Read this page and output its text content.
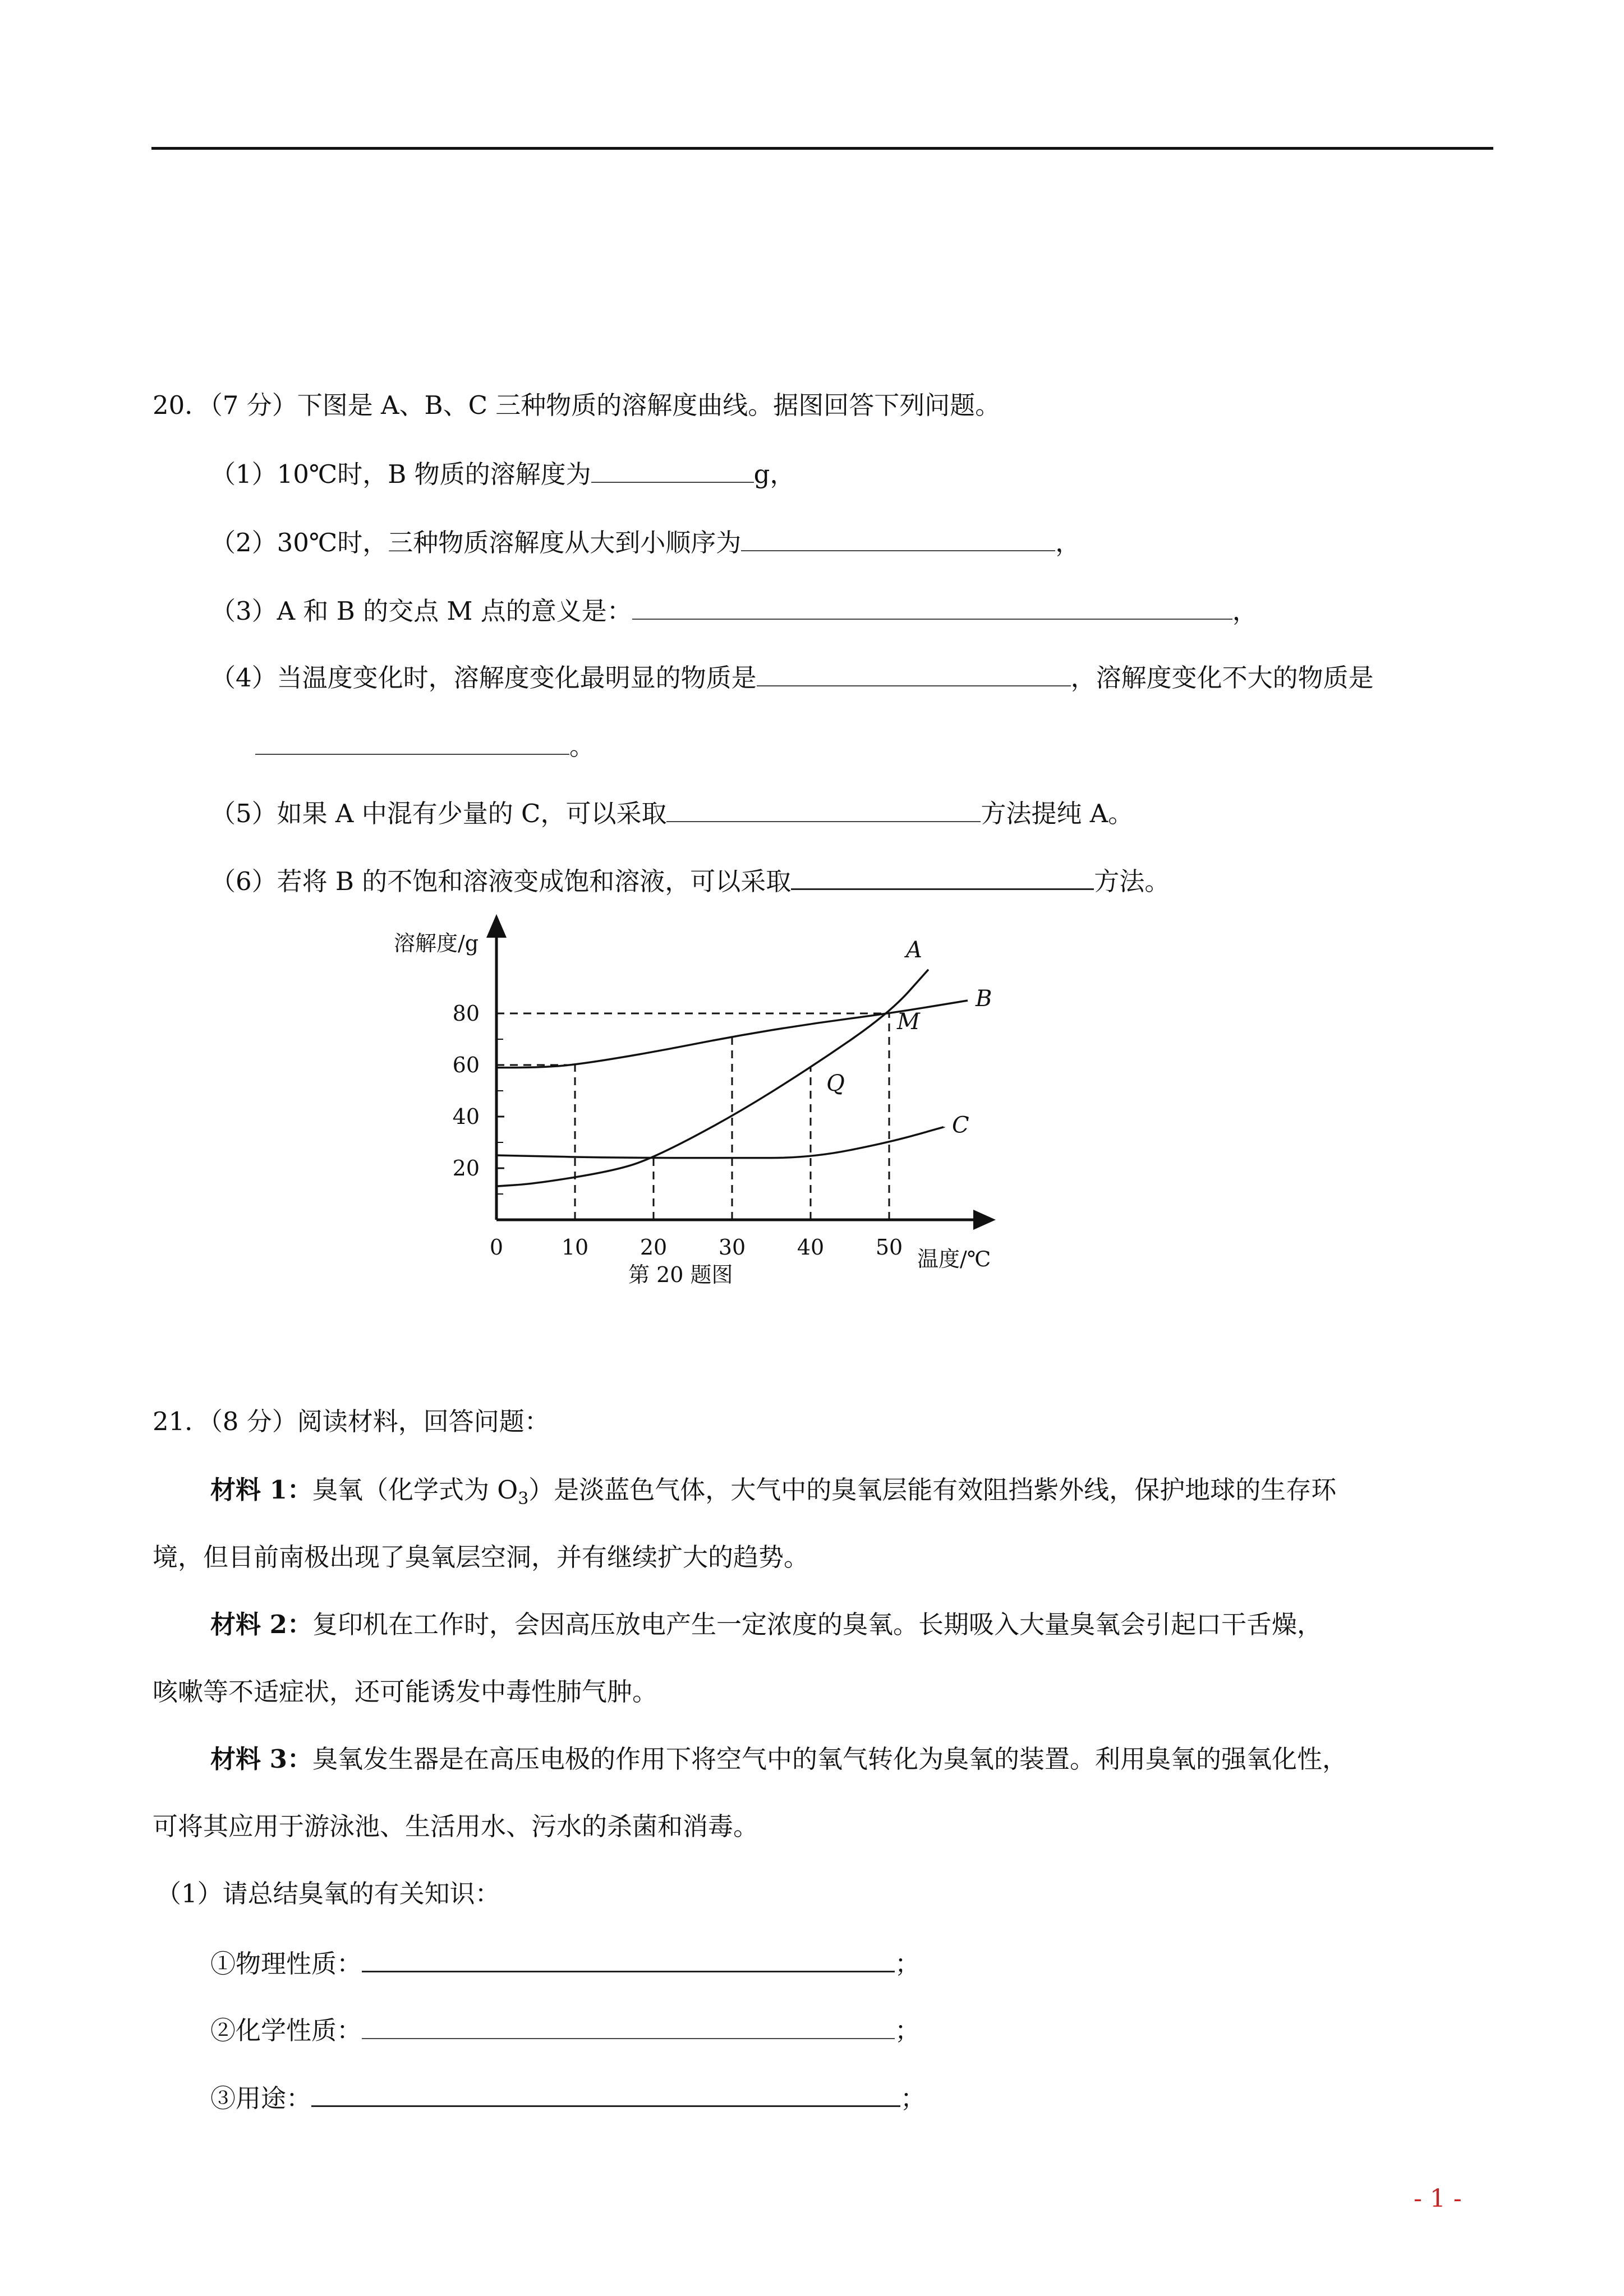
20．（7 分）下图是 A、B、C 三种物质的溶解度曲线。据图回答下列问题。
（1）10℃时，B 物质的溶解度为	g，
（2）30℃时，三种物质溶解度从大到小顺序为	，
（3）A 和 B 的交点 M 点的意义是：	，
（4）当温度变化时，溶解度变化最明显的物质是	，溶解度变化不大的物质是
。
（5）如果 A 中混有少量的 C，可以采取	方法提纯 A。
（6）若将 B 的不饱和溶液变成饱和溶液，可以采取	方法。
0	10 20 30 40 50
20
40
60
80
A
B
C
M
Q
溶解度/g
温度/℃
第 20 题图
21．（8 分）阅读材料，回答问题：
材料 1：臭氧（化学式为 $O_3$）是淡蓝色气体，大气中的臭氧层能有效阻挡紫外线，保护地球的生存环
境，但目前南极出现了臭氧层空洞，并有继续扩大的趋势。
材料 2：复印机在工作时，会因高压放电产生一定浓度的臭氧。长期吸入大量臭氧会引起口干舌燥，
咳嗽等不适症状，还可能诱发中毒性肺气肿。
材料 3：臭氧发生器是在高压电极的作用下将空气中的氧气转化为臭氧的装置。利用臭氧的强氧化性，
可将其应用于游泳池、生活用水、污水的杀菌和消毒。
（1）请总结臭氧的有关知识：
①物理性质：	；
②化学性质：	；
③用途：	；
- 1 -
